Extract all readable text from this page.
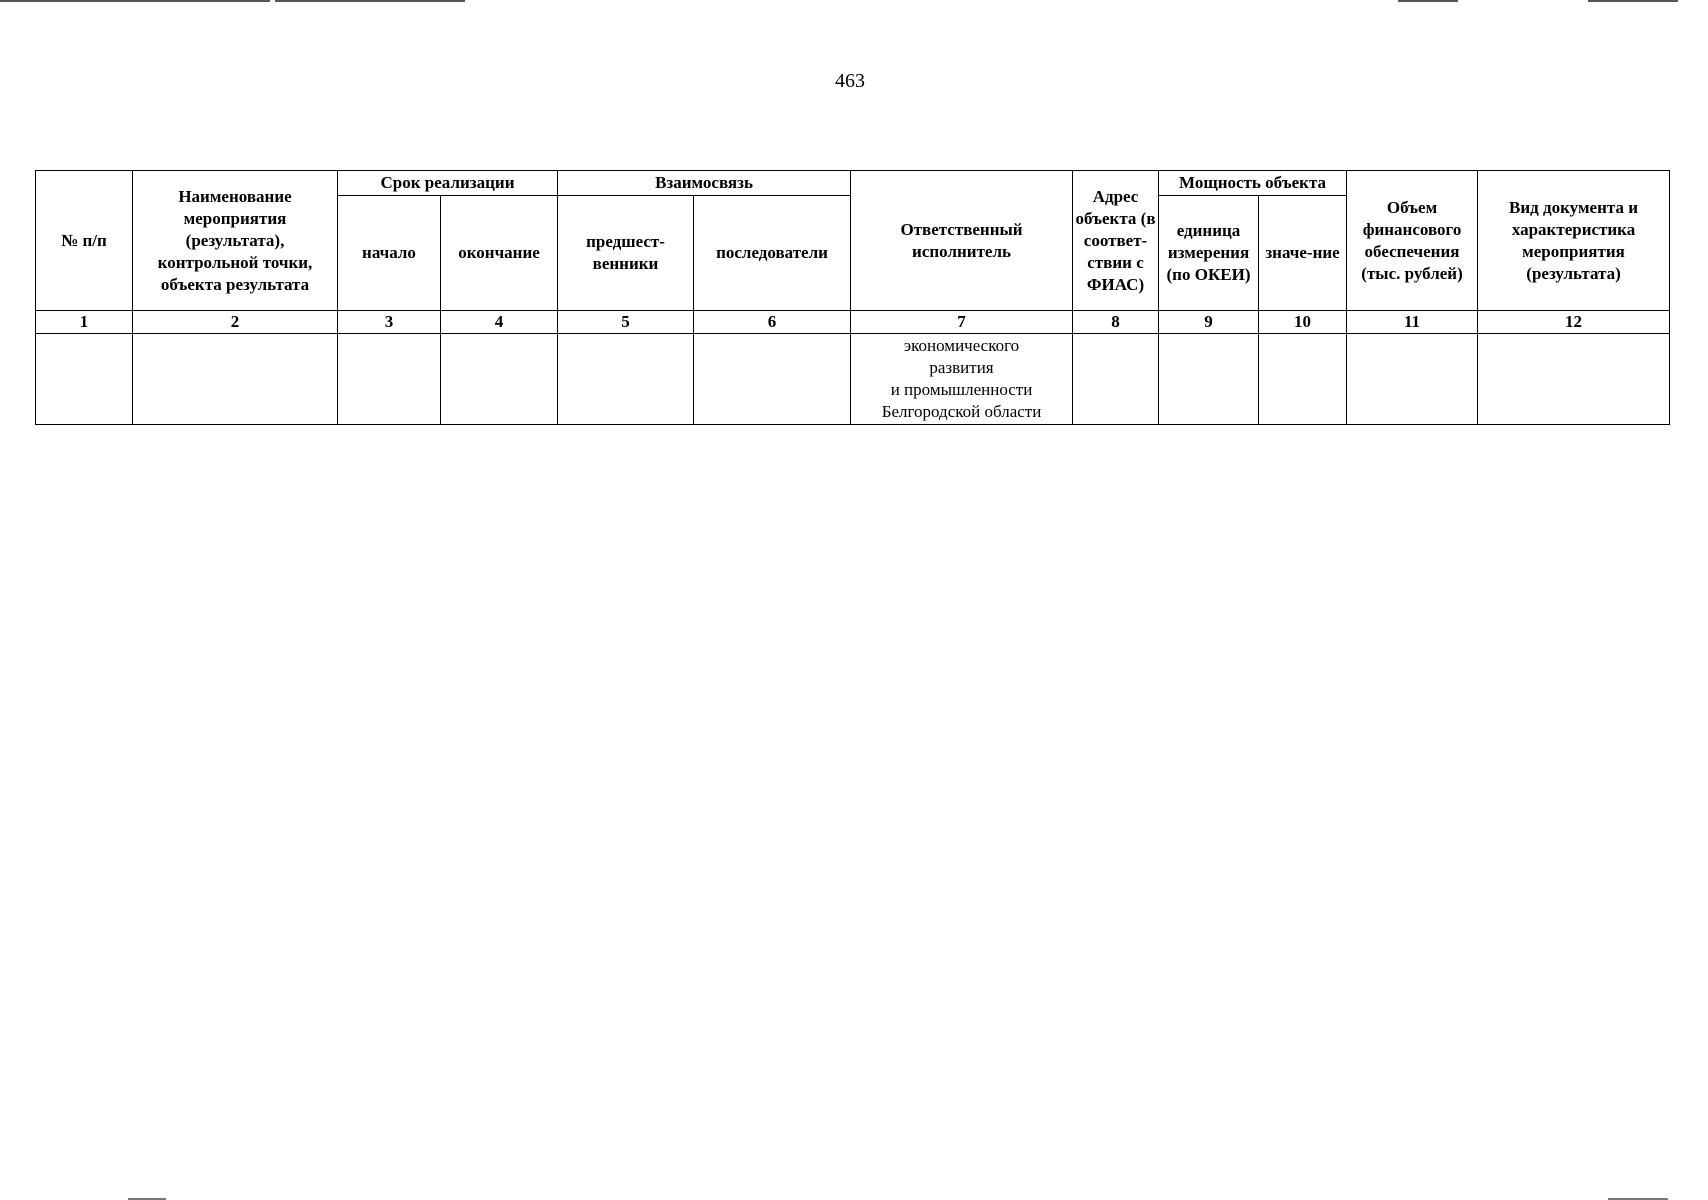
463
№ п/п	Наименование мероприятия (результата), контрольной точки, объекта результата	Срок реализации		Взаимосвязь		Ответственный исполнитель	Адрес объекта (в соответ-ствии с ФИАС)	Мощность объекта		Объем финансового обеспечения (тыс. рублей)	Вид документа и характеристика мероприятия (результата)
		начало	окончание	предшест-венники	последователи			единица измерения (по ОКЕИ)	значе-ние		
1	2	3	4	5	6	7	8	9	10	11	12

						экономического
развития
и промышленности
Белгородской области					
